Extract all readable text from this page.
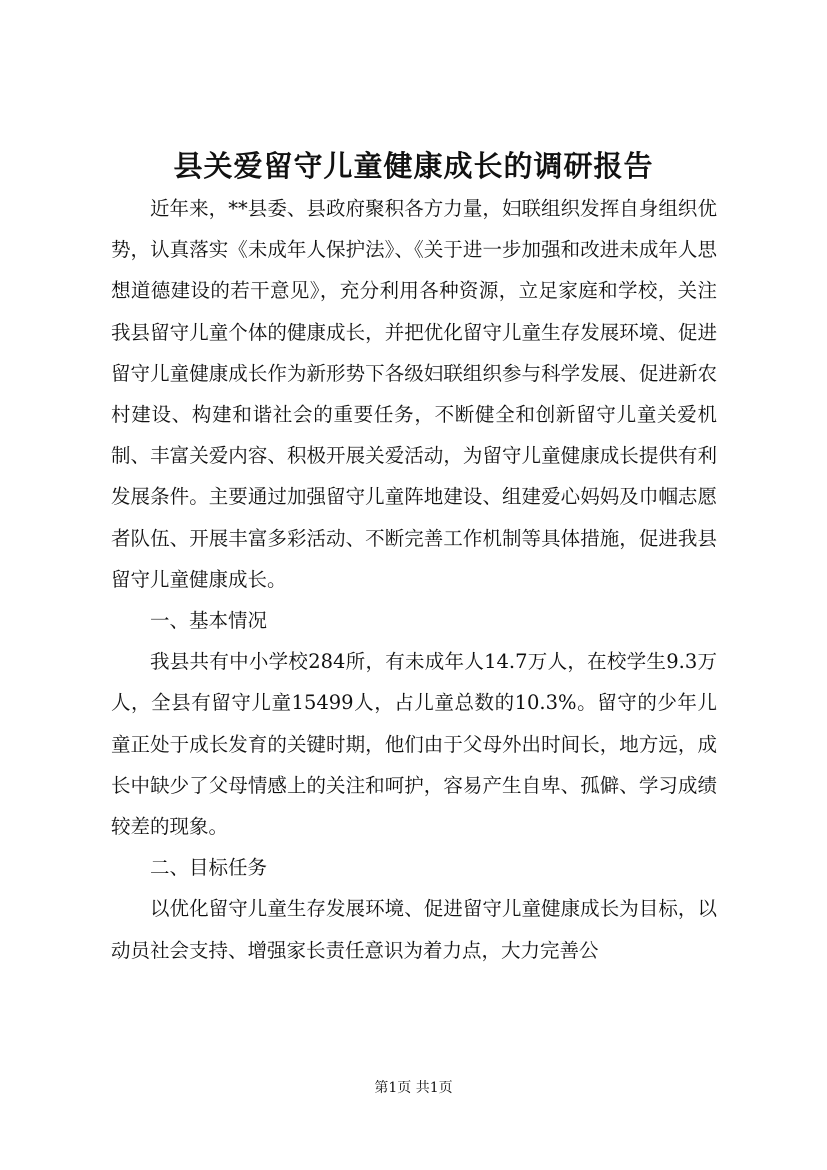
县关爱留守儿童健康成长的调研报告

近年来，**县委、县政府聚积各方力量，妇联组织发挥自身组织优势，认真落实《未成年人保护法》、《关于进一步加强和改进未成年人思想道德建设的若干意见》，充分利用各种资源，立足家庭和学校，关注我县留守儿童个体的健康成长，并把优化留守儿童生存发展环境、促进留守儿童健康成长作为新形势下各级妇联组织参与科学发展、促进新农村建设、构建和谐社会的重要任务，不断健全和创新留守儿童关爱机制、丰富关爱内容、积极开展关爱活动，为留守儿童健康成长提供有利发展条件。主要通过加强留守儿童阵地建设、组建爱心妈妈及巾帼志愿者队伍、开展丰富多彩活动、不断完善工作机制等具体措施，促进我县留守儿童健康成长。

一、基本情况

我县共有中小学校284所，有未成年人14.7万人，在校学生9.3万人，全县有留守儿童15499人，占儿童总数的10.3%。留守的少年儿童正处于成长发育的关键时期，他们由于父母外出时间长，地方远，成长中缺少了父母情感上的关注和呵护，容易产生自卑、孤僻、学习成绩较差的现象。

二、目标任务

以优化留守儿童生存发展环境、促进留守儿童健康成长为目标，以动员社会支持、增强家长责任意识为着力点，大力完善公

第1页 共1页
